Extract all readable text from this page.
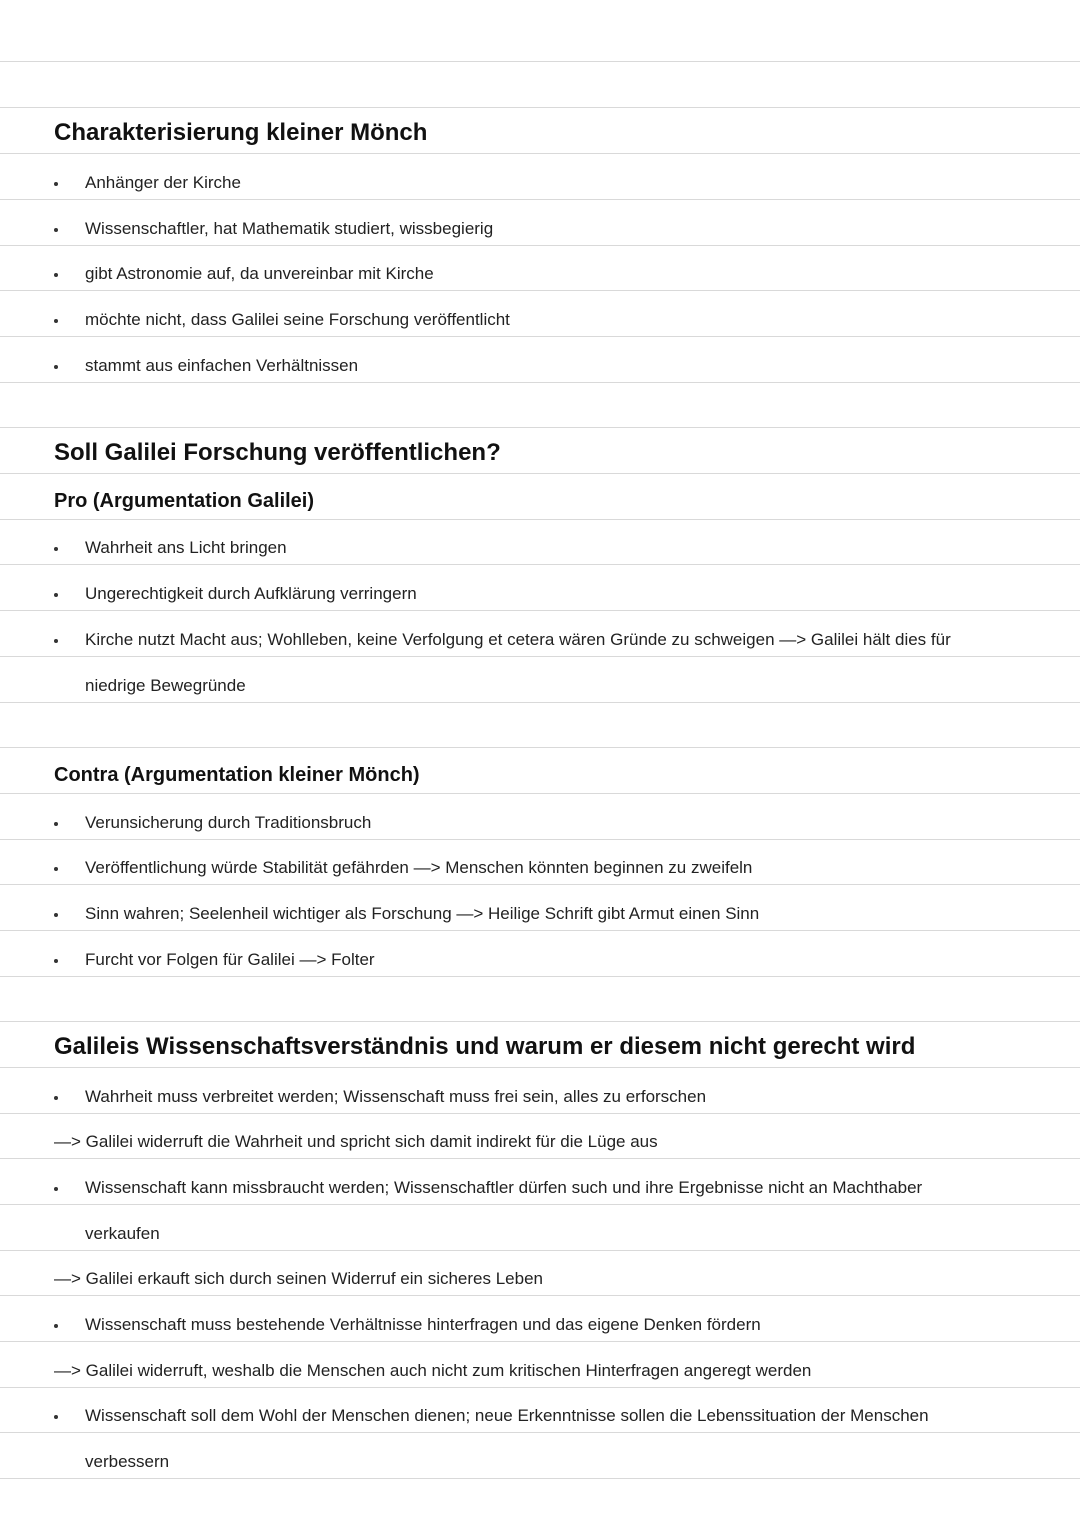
Charakterisierung kleiner Mönch
Anhänger der Kirche
Wissenschaftler, hat Mathematik studiert, wissbegierig
gibt Astronomie auf, da unvereinbar mit Kirche
möchte nicht, dass Galilei seine Forschung veröffentlicht
stammt aus einfachen Verhältnissen
Soll Galilei Forschung veröffentlichen?
Pro (Argumentation Galilei)
Wahrheit ans Licht bringen
Ungerechtigkeit durch Aufklärung verringern
Kirche nutzt Macht aus; Wohlleben, keine Verfolgung et cetera wären Gründe zu schweigen —> Galilei hält dies für
niedrige Bewegründe
Contra (Argumentation kleiner Mönch)
Verunsicherung durch Traditionsbruch
Veröffentlichung würde Stabilität gefährden —> Menschen könnten beginnen zu zweifeln
Sinn wahren; Seelenheil wichtiger als Forschung —> Heilige Schrift gibt Armut einen Sinn
Furcht vor Folgen für Galilei —> Folter
Galileis Wissenschaftsverständnis und warum er diesem nicht gerecht wird
Wahrheit muss verbreitet werden; Wissenschaft muss frei sein, alles zu erforschen
—> Galilei widerruft die Wahrheit und spricht sich damit indirekt für die Lüge aus
Wissenschaft kann missbraucht werden; Wissenschaftler dürfen such und ihre Ergebnisse nicht an Machthaber
verkaufen
—> Galilei erkauft sich durch seinen Widerruf ein sicheres Leben
Wissenschaft muss bestehende Verhältnisse hinterfragen und das eigene Denken fördern
—> Galilei widerruft, weshalb die Menschen auch nicht zum kritischen Hinterfragen angeregt werden
Wissenschaft soll dem Wohl der Menschen dienen; neue Erkenntnisse sollen die Lebenssituation der Menschen
verbessern
